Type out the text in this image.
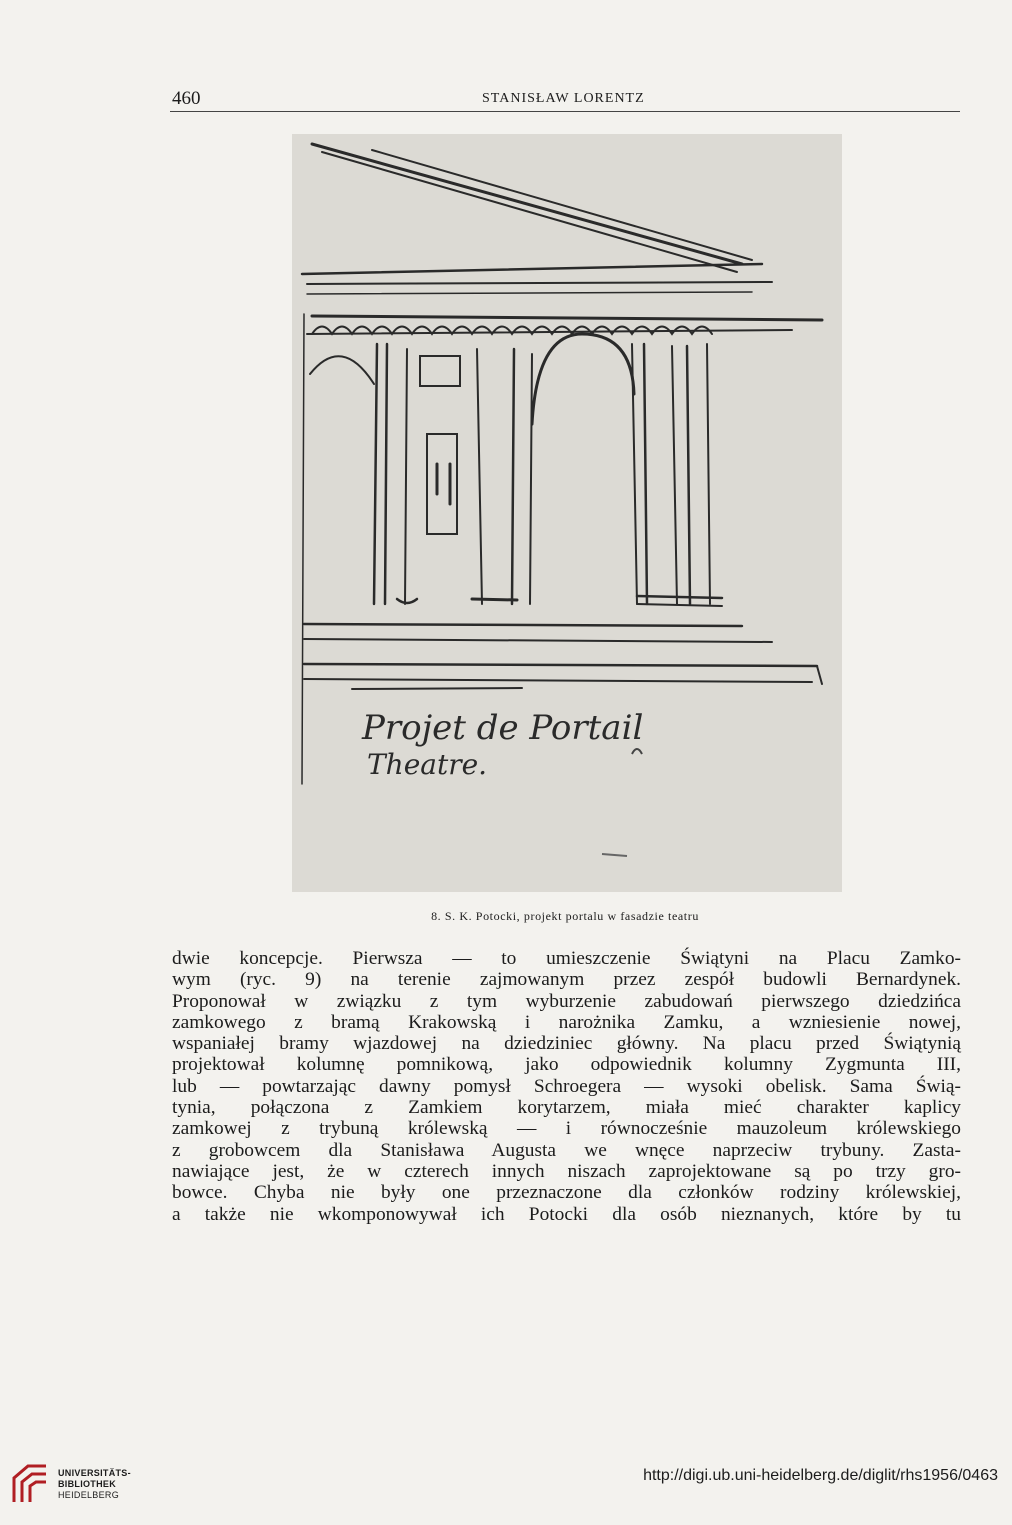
460	STANISŁAW LORENTZ
Projet de Portail
Theatre.
8. S. K. Potocki, projekt portalu w fasadzie teatru
dwie koncepcje. Pierwsza — to umieszczenie Świątyni na Placu Zamko-
wym (ryc. 9) na terenie zajmowanym przez zespół budowli Bernardynek.
Proponował w związku z tym wyburzenie zabudowań pierwszego dziedzińca
zamkowego z bramą Krakowską i narożnika Zamku, a wzniesienie nowej,
wspaniałej bramy wjazdowej na dziedziniec główny. Na placu przed Świątynią
projektował kolumnę pomnikową, jako odpowiednik kolumny Zygmunta III,
lub — powtarzając dawny pomysł Schroegera — wysoki obelisk. Sama Świą-
tynia, połączona z Zamkiem korytarzem, miała mieć charakter kaplicy
zamkowej z trybuną królewską — i równocześnie mauzoleum królewskiego
z grobowcem dla Stanisława Augusta we wnęce naprzeciw trybuny. Zasta-
nawiające jest, że w czterech innych niszach zaprojektowane są po trzy gro-
bowce. Chyba nie były one przeznaczone dla członków rodziny królewskiej,
a także nie wkomponowywał ich Potocki dla osób nieznanych, które by tu
UNIVERSITÄTS-
BIBLIOTHEK
HEIDELBERG
http://digi.ub.uni-heidelberg.de/diglit/rhs1956/0463
